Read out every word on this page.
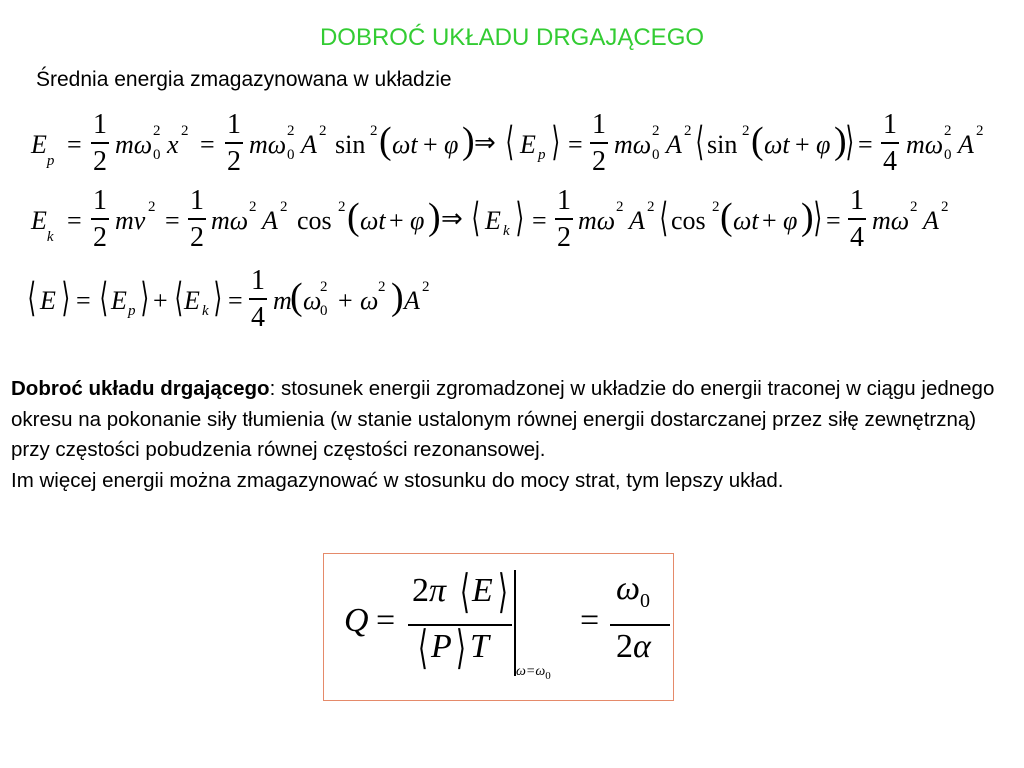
DOBROĆ UKŁADU DRGAJĄCEGO
Średnia energia zmagazynowana w układzie
$E_p$
=
1
2
mω 2
0 x 2 =
1
2
mω 2
0 A 2 sin 2 ( ωt + φ ) ⇒ ⟨ E p ⟩ =
1
2
mω 2
0 A 2 ⟨ sin 2 ( ωt + φ )
⟩ =
1
4
mω 2
0 A 2
$E_k$
=
1
2
mv 2 =
1
2
mω 2 A 2 cos 2 ( ωt + φ ) ⇒ ⟨ E k ⟩ =
1
2
mω 2 A 2 ⟨ cos 2 ( ωt + φ ) ⟩ =
1
4
mω 2 A 2
⟨ E ⟩ = ⟨ E p ⟩ + ⟨ E k ⟩ =
1
4
m
( ω
2
0 + ω 2 ) A 2
Dobroć układu drgającego: stosunek energii zgromadzonej w układzie do energii traconej w ciągu jednego okresu na pokonanie siły tłumienia (w stanie ustalonym równej energii dostarczanej przez siłę zewnętrzną) przy częstości pobudzenia równej częstości rezonansowej.
Im więcej energii można zmagazynować w stosunku do mocy strat, tym lepszy układ.
Q =
2π ⟨ E ⟩
⟨ P ⟩ T
$\omega=\omega_0$
=
$\omega_0$
2α
